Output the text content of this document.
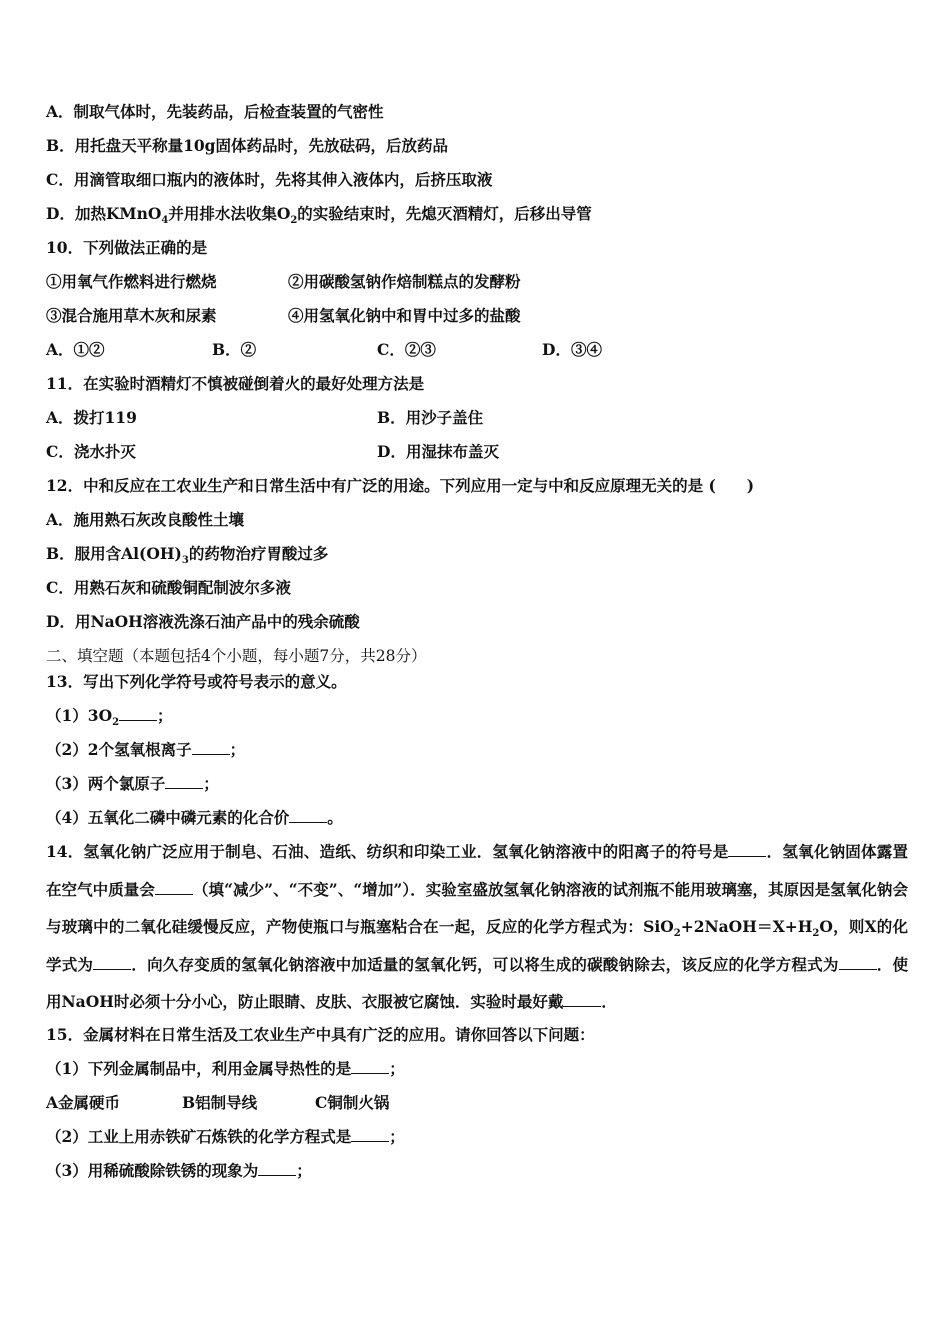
A．制取气体时，先装药品，后检查装置的气密性
B．用托盘天平称量10g固体药品时，先放砝码，后放药品
C．用滴管取细口瓶内的液体时，先将其伸入液体内，后挤压取液
D．加热KMnO$_4$并用排水法收集$O_2$的实验结束时，先熄灭酒精灯，后移出导管
10．下列做法正确的是
①用氧气作燃料进行燃烧	②用碳酸氢钠作焙制糕点的发酵粉
③混合施用草木灰和尿素	④用氢氧化钠中和胃中过多的盐酸
A．①②	B．②	C．②③	D．③④
11．在实验时酒精灯不慎被碰倒着火的最好处理方法是
A．拨打119	B．用沙子盖住
C．浇水扑灭	D．用湿抹布盖灭
12．中和反应在工农业生产和日常生活中有广泛的用途。下列应用一定与中和反应原理无关的是 (　　)
A．施用熟石灰改良酸性土壤
B．服用含$Al(OH)_3$的药物治疗胃酸过多
C．用熟石灰和硫酸铜配制波尔多液
D．用NaOH溶液洗涤石油产品中的残余硫酸
二、填空题（本题包括4个小题，每小题7分，共28分）
13．写出下列化学符号或符号表示的意义。
$(1)3O_2$ ；
（2）2个氢氧根离子 ；
（3）两个氯原子 ；
（4）五氧化二磷中磷元素的化合价 。
14．氢氧化钠广泛应用于制皂、石油、造纸、纺织和印染工业．氢氧化钠溶液中的阳离子的符号是 ．氢氧化钠固体露置在空气中质量会 （填“减少”、“不变”、“增加”）．实验室盛放氢氧化钠溶液的试剂瓶不能用玻璃塞，其原因是氢氧化钠会与玻璃中的二氧化硅缓慢反应，产物使瓶口与瓶塞粘合在一起，反应的化学方程式为：$SiO_2+2NaOH=X+H_2O$，则X的化学式为 ．向久存变质的氢氧化钠溶液中加适量的氢氧化钙，可以将生成的碳酸钠除去，该反应的化学方程式为 ．使用NaOH时必须十分小心，防止眼睛、皮肤、衣服被它腐蚀．实验时最好戴 ．
15．金属材料在日常生活及工农业生产中具有广泛的应用。请你回答以下问题：
（1）下列金属制品中，利用金属导热性的是 ；
A金属硬币	B铝制导线	C铜制火锅
（2）工业上用赤铁矿石炼铁的化学方程式是 ；
（3）用稀硫酸除铁锈的现象为 ；
